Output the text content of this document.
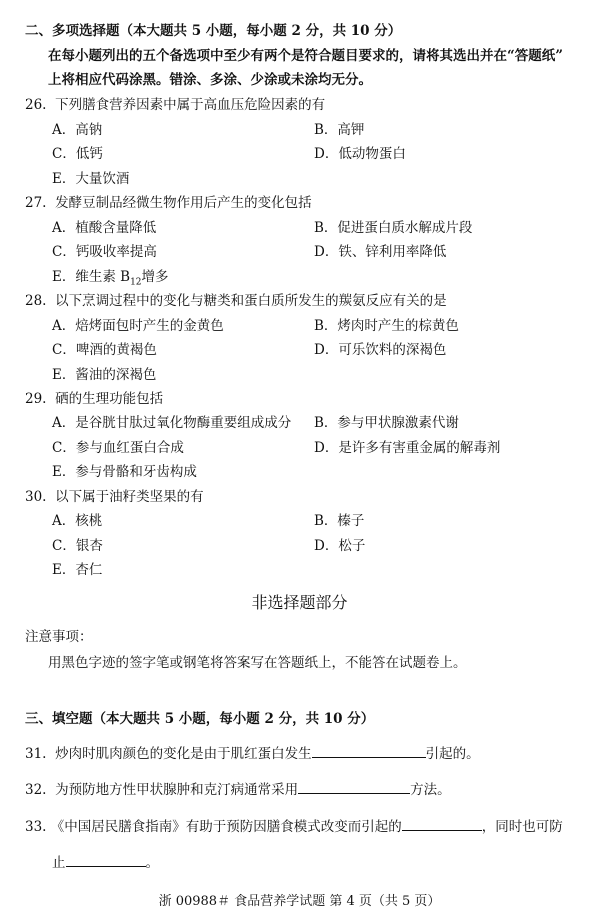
二、多项选择题（本大题共 5 小题，每小题 2 分，共 10 分）
在每小题列出的五个备选项中至少有两个是符合题目要求的，请将其选出并在“答题纸”
上将相应代码涂黑。错涂、多涂、少涂或未涂均无分。
26. 下列膳食营养因素中属于高血压危险因素的有
A．高钠	B．高钾
C．低钙	D．低动物蛋白
E．大量饮酒
27. 发酵豆制品经微生物作用后产生的变化包括
A．植酸含量降低	B．促进蛋白质水解成片段
C．钙吸收率提高	D．铁、锌利用率降低
E．维生素 $B_{12}$增多
28. 以下烹调过程中的变化与糖类和蛋白质所发生的羰氨反应有关的是
A．焙烤面包时产生的金黄色	B．烤肉时产生的棕黄色
C．啤酒的黄褐色	D．可乐饮料的深褐色
E．酱油的深褐色
29. 硒的生理功能包括
A．是谷胱甘肽过氧化物酶重要组成成分 B．参与甲状腺激素代谢
C．参与血红蛋白合成	D．是许多有害重金属的解毒剂
E．参与骨骼和牙齿构成
30. 以下属于油籽类坚果的有
A．核桃	B．榛子
C．银杏	D．松子
E．杏仁
非选择题部分
注意事项：
用黑色字迹的签字笔或钢笔将答案写在答题纸上，不能答在试题卷上。
三、填空题（本大题共 5 小题，每小题 2 分，共 10 分）
31. 炒肉时肌肉颜色的变化是由于肌红蛋白发生	引起的。
32. 为预防地方性甲状腺肿和克汀病通常采用	方法。
33. 《中国居民膳食指南》有助于预防因膳食模式改变而引起的	，同时也可防
止	。
浙 00988＃ 食品营养学试题 第 4 页（共 5 页）
